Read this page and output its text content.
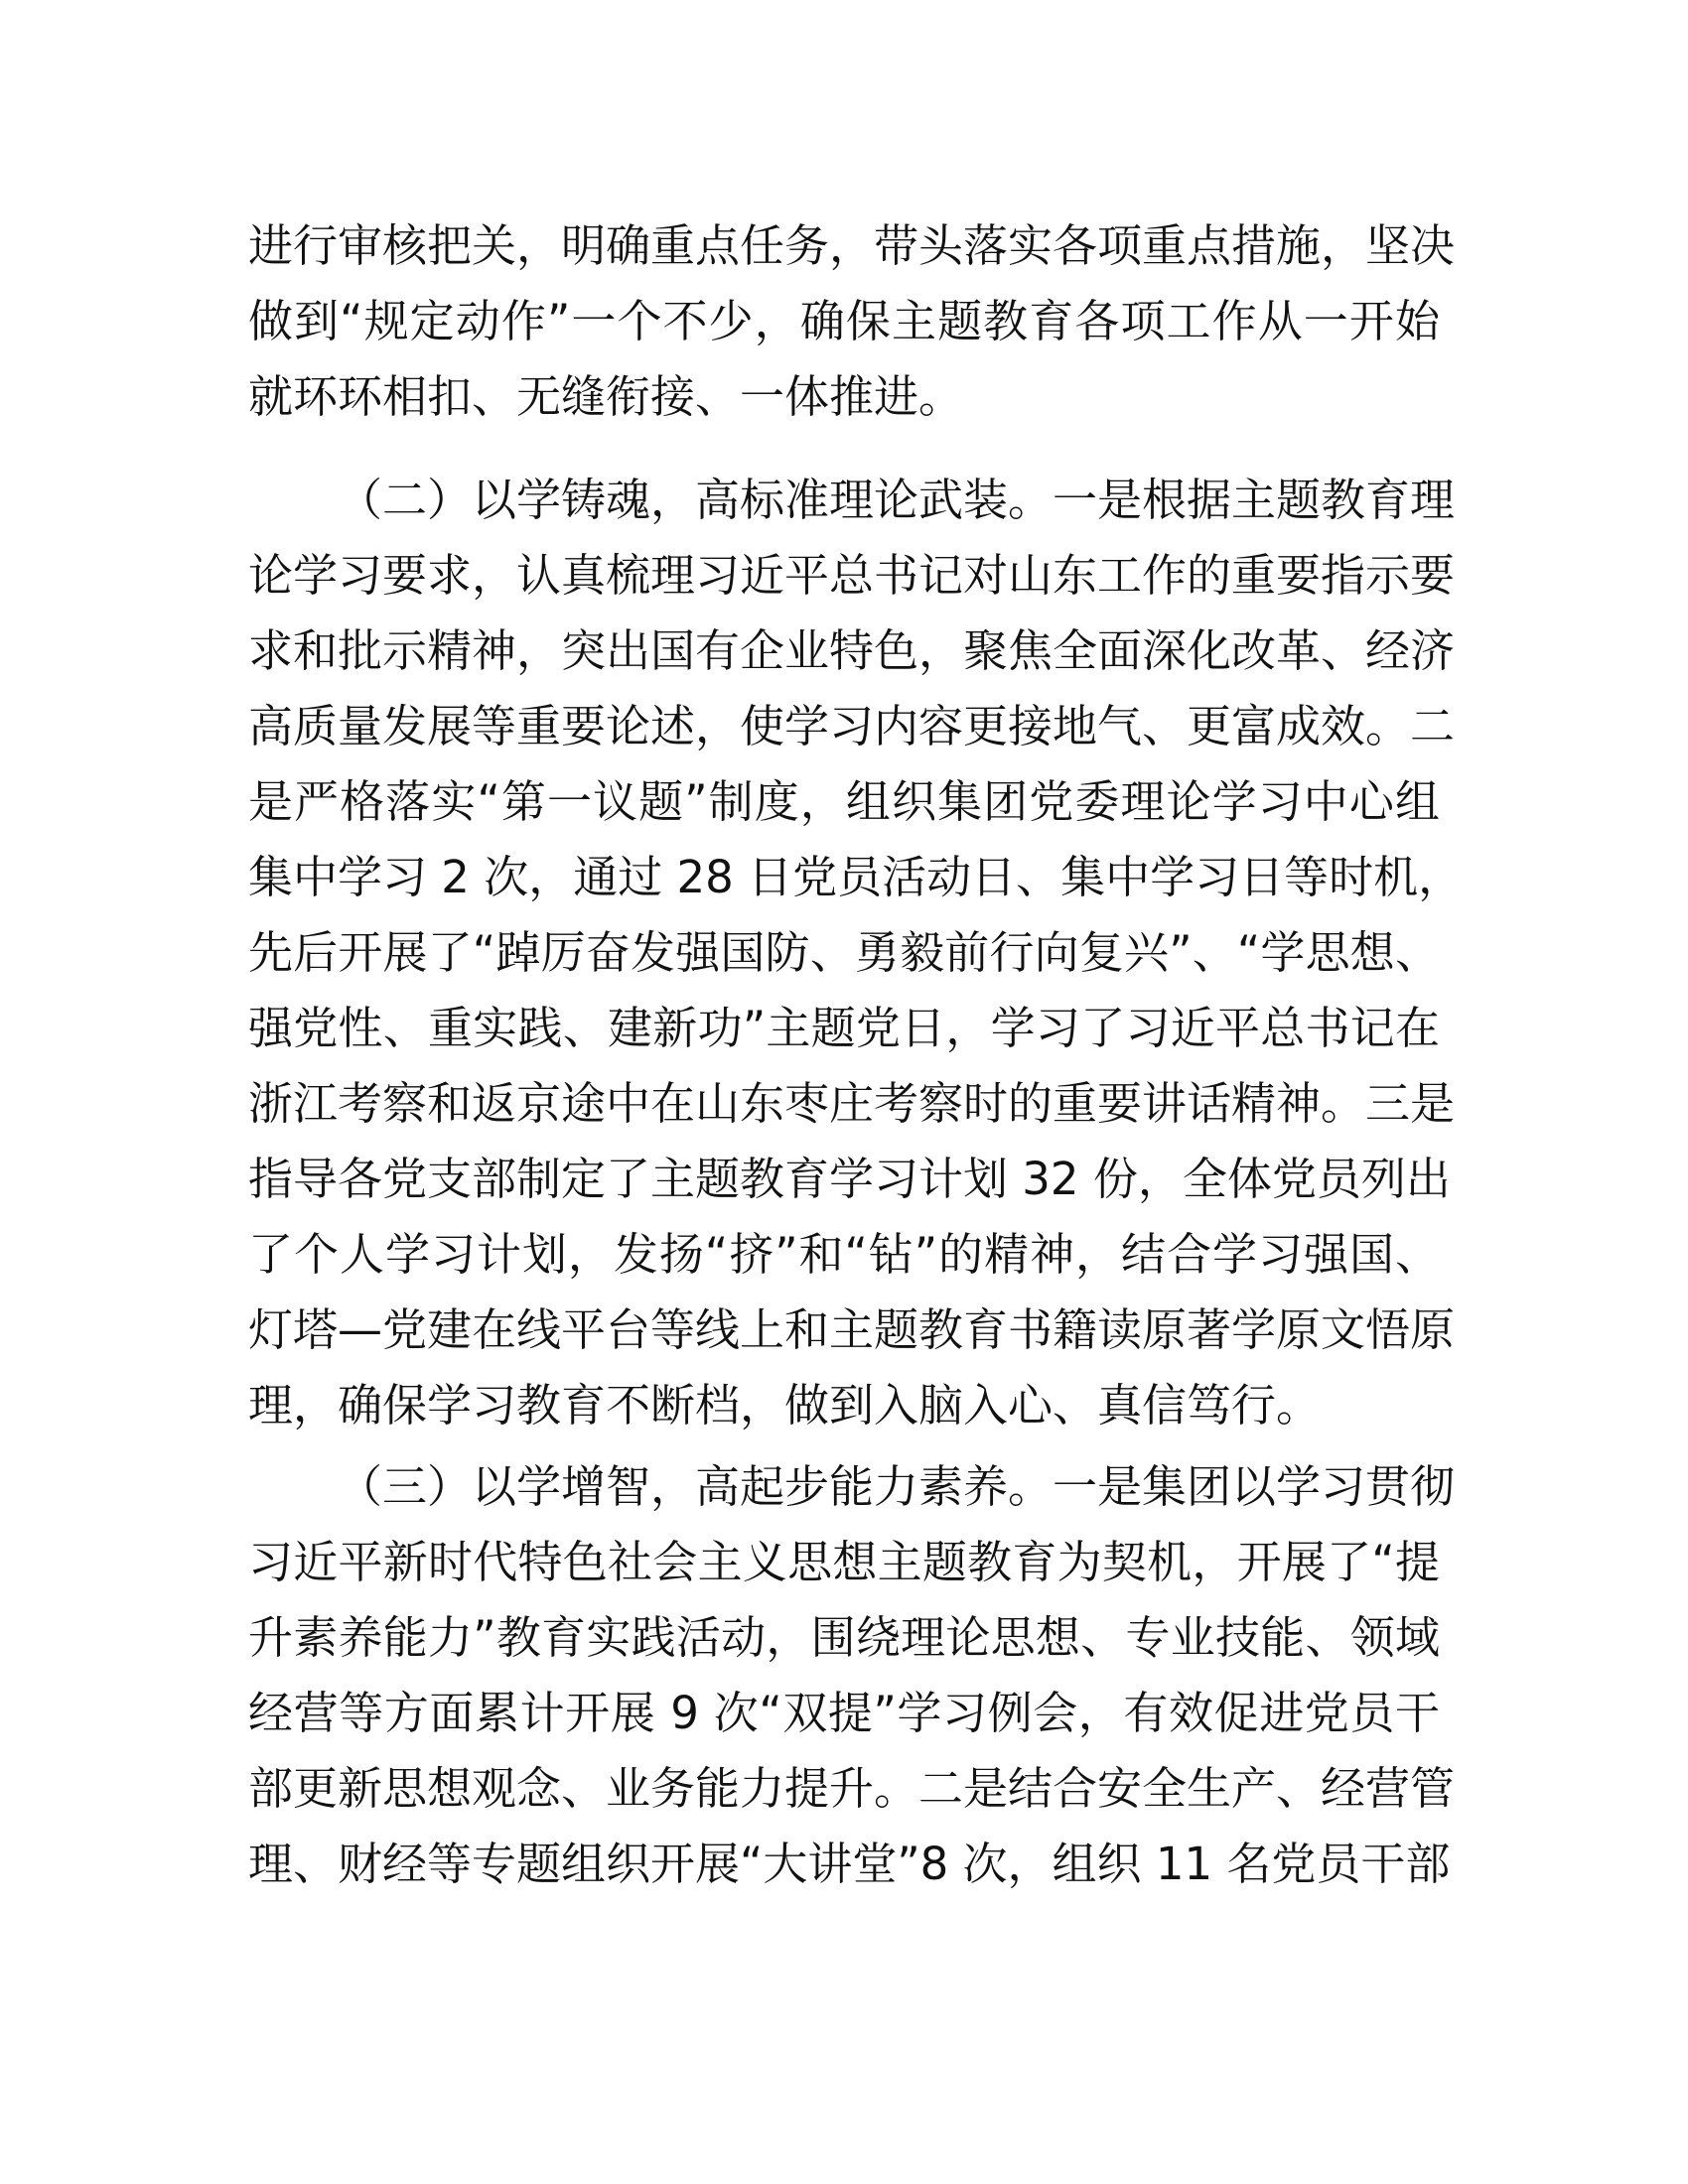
进行审核把关，明确重点任务，带头落实各项重点措施，坚决
做到“规定动作”一个不少，确保主题教育各项工作从一开始
就环环相扣、无缝衔接、一体推进。
（二）以学铸魂，高标准理论武装。一是根据主题教育理
论学习要求，认真梳理习近平总书记对山东工作的重要指示要
求和批示精神，突出国有企业特色，聚焦全面深化改革、经济
高质量发展等重要论述，使学习内容更接地气、更富成效。二
是严格落实“第一议题”制度，组织集团党委理论学习中心组
集中学习 2 次，通过 28 日党员活动日、集中学习日等时机，
先后开展了“踔厉奋发强国防、勇毅前行向复兴”、“学思想、
强党性、重实践、建新功”主题党日，学习了习近平总书记在
浙江考察和返京途中在山东枣庄考察时的重要讲话精神。三是
指导各党支部制定了主题教育学习计划 32 份，全体党员列出
了个人学习计划，发扬“挤”和“钻”的精神，结合学习强国、
灯塔—党建在线平台等线上和主题教育书籍读原著学原文悟原
理，确保学习教育不断档，做到入脑入心、真信笃行。
（三）以学增智，高起步能力素养。一是集团以学习贯彻
习近平新时代特色社会主义思想主题教育为契机，开展了“提
升素养能力”教育实践活动，围绕理论思想、专业技能、领域
经营等方面累计开展 9 次“双提”学习例会，有效促进党员干
部更新思想观念、业务能力提升。二是结合安全生产、经营管
理、财经等专题组织开展“大讲堂”8 次，组织 11 名党员干部
